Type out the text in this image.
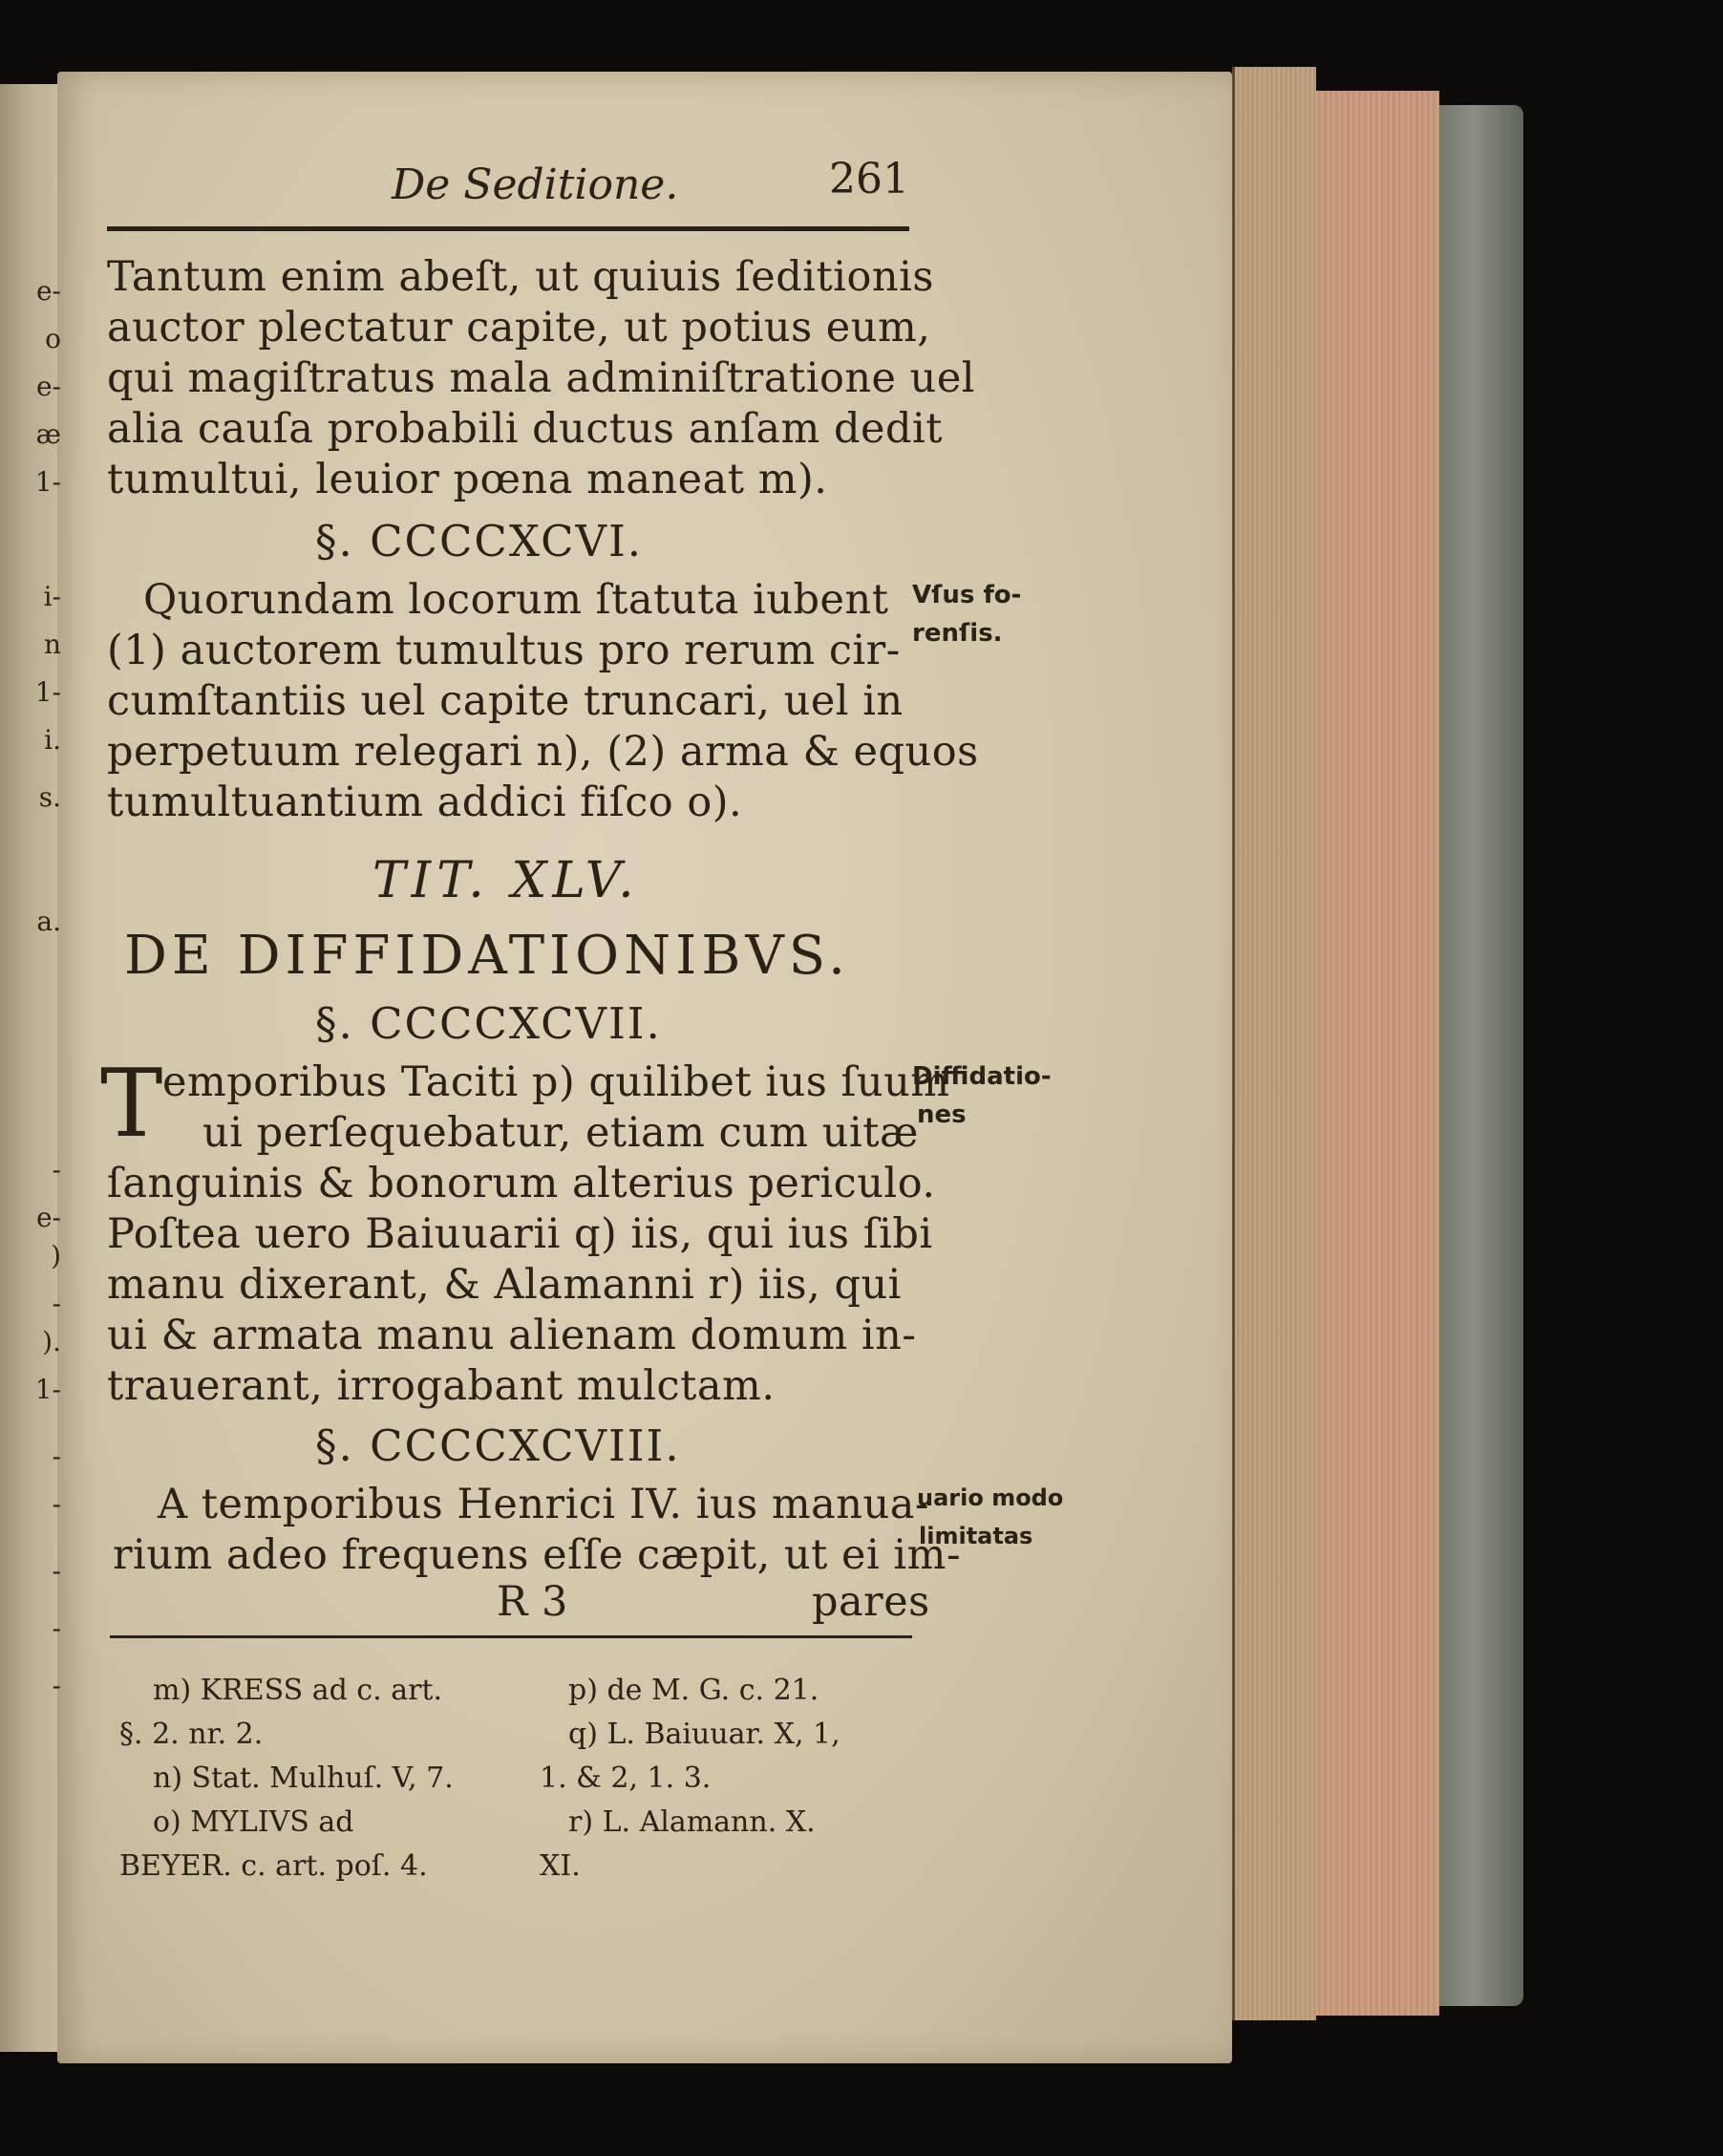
De Seditione.	261
Tantum enim abeſt, ut quiuis ſeditionis
auctor plectatur capite, ut potius eum,
qui magiſtratus mala adminiſtratione uel
alia cauſa probabili ductus anſam dedit
tumultui, leuior pœna maneat m).
§. CCCCXCVI.
Quorundam locorum ſtatuta iubent
(1) auctorem tumultus pro rerum cir-
cumſtantiis uel capite truncari, uel in
perpetuum relegari n), (2) arma & equos
tumultuantium addici fiſco o).
Vſus fo-
renſis.
TIT. XLV.
DE DIFFIDATIONIBVS.
§. CCCCXCVII.
T emporibus Taciti p) quilibet ius ſuum
ui perſequebatur, etiam cum uitæ
ſanguinis & bonorum alterius periculo.
Poſtea uero Baiuuarii q) iis, qui ius ſibi
manu dixerant, & Alamanni r) iis, qui
ui & armata manu alienam domum in-
trauerant, irrogabant mulctam.
Diffidatio-
nes
§. CCCCXCVIII.
A temporibus Henrici IV. ius manua-
rium adeo frequens eſſe cæpit, ut ei im-
uario modo
limitatas
R 3	pares
m) KRESS ad c. art.
§. 2. nr. 2.
n) Stat. Mulhuſ. V, 7.
o) MYLIVS ad
BEYER. c. art. poſ. 4.
p) de M. G. c. 21.
q) L. Baiuuar. X, 1,
1. & 2, 1. 3.
r) L. Alamann. X.
XI.
e-
o
e-
æ
1-
i-
n
1-
i.
s.
a.
-
e-
)
-
).
1-
-
-
-
-
-
